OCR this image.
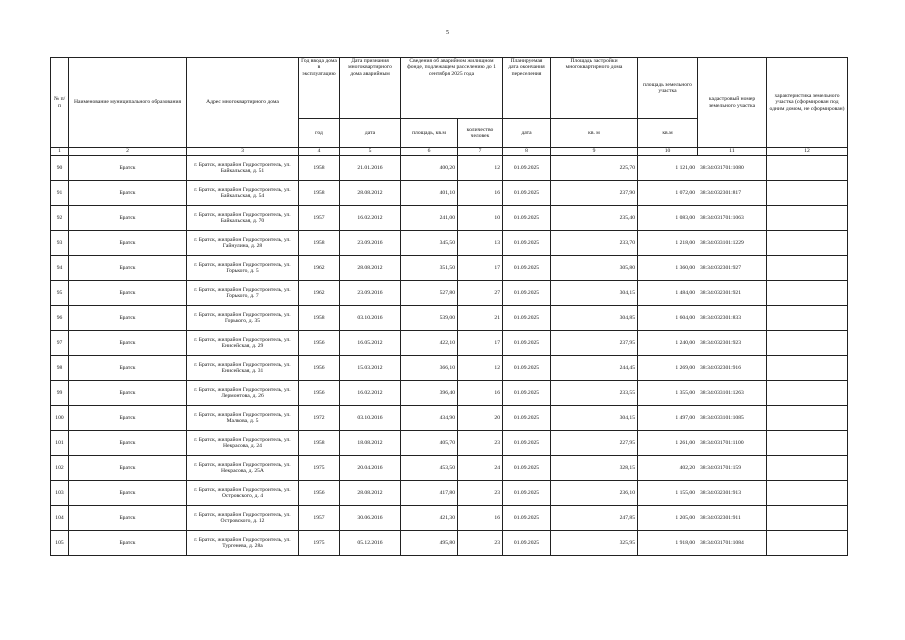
5
№ п/п	Наименование муниципального образования	Адрес многоквартирного дома	Год ввода дома в эксплуатацию	Дата признания многоквартирного дома аварийным	Сведения об аварийном жилищном фонде, подлежащем расселению до 1 сентября 2025 года		Планируемая дата окончания переселения	Площадь застройки многоквартирного дома	площадь земельного участка	кадастровый номер земельного участка	характеристика земельного участка (сформирован под одним домом, не сформирован)
			год	дата	площадь, кв.м	количество человек	дата	кв. м	кв.м		
1	2	3	4	5	6	7	8	9	10	11	12
90	Братск	г. Братск, жилрайон Гидростроитель, ул. Байкальская, д. 51	1958	21.01.2016	400,20	12	01.09.2025	225,70	1 121,00	38:34:031701:1080	
91	Братск	г. Братск, жилрайон Гидростроитель, ул. Байкальская, д. 54	1958	28.08.2012	401,10	16	01.09.2025	237,90	1 072,00	38:34:032301:817	
92	Братск	г. Братск, жилрайон Гидростроитель, ул. Байкальская, д. 70	1957	16.02.2012	241,00	10	01.09.2025	235,40	1 083,00	38:34:031701:1063	
93	Братск	г. Братск, жилрайон Гидростроитель, ул. Гайнулина, д. 28	1958	23.09.2016	345,50	13	01.09.2025	233,70	1 218,00	38:34:033101:1229	
94	Братск	г. Братск, жилрайон Гидростроитель, ул. Горького, д. 5	1962	28.08.2012	351,50	17	01.09.2025	305,80	1 360,00	38:34:032301:927	
95	Братск	г. Братск, жилрайон Гидростроитель, ул. Горького, д. 7	1962	23.09.2016	527,80	27	01.09.2025	304,15	1 484,00	38:34:032301:921	
96	Братск	г. Братск, жилрайон Гидростроитель, ул. Горького, д. 35	1958	03.10.2016	539,00	21	01.09.2025	304,85	1 604,00	38:34:032301:833	
97	Братск	г. Братск, жилрайон Гидростроитель, ул. Енисейская, д. 29	1956	16.05.2012	422,10	17	01.09.2025	237,95	1 240,00	38:34:032301:923	
98	Братск	г. Братск, жилрайон Гидростроитель, ул. Енисейская, д. 31	1956	15.03.2012	366,10	12	01.09.2025	244,45	1 269,00	38:34:032301:916	
99	Братск	г. Братск, жилрайон Гидростроитель, ул. Лермонтова, д. 26	1956	16.02.2012	396,40	16	01.09.2025	233,55	1 355,00	38:34:033101:1263	
100	Братск	г. Братск, жилрайон Гидростроитель, ул. Малкова, д. 5	1972	03.10.2016	434,90	20	01.09.2025	304,15	1 497,00	38:34:033101:1085	
101	Братск	г. Братск, жилрайон Гидростроитель, ул. Некрасова, д. 24	1958	18.08.2012	405,70	23	01.09.2025	227,95	1 261,00	38:34:031701:1100	
102	Братск	г. Братск, жилрайон Гидростроитель, ул. Некрасова, д. 25А	1975	20.04.2016	453,50	24	01.09.2025	328,15	402,20	38:34:031701:159	
103	Братск	г. Братск, жилрайон Гидростроитель, ул. Островского, д. 4	1956	28.08.2012	417,80	23	01.09.2025	236,10	1 155,00	38:34:032301:913	
104	Братск	г. Братск, жилрайон Гидростроитель, ул. Островского, д. 12	1957	30.06.2016	421,30	16	01.09.2025	247,85	1 205,00	38:34:032301:911	
105	Братск	г. Братск, жилрайон Гидростроитель, ул. Тургенева, д. 28а	1975	05.12.2016	495,80	23	01.09.2025	325,95	1 918,00	38:34:031701:1084	
